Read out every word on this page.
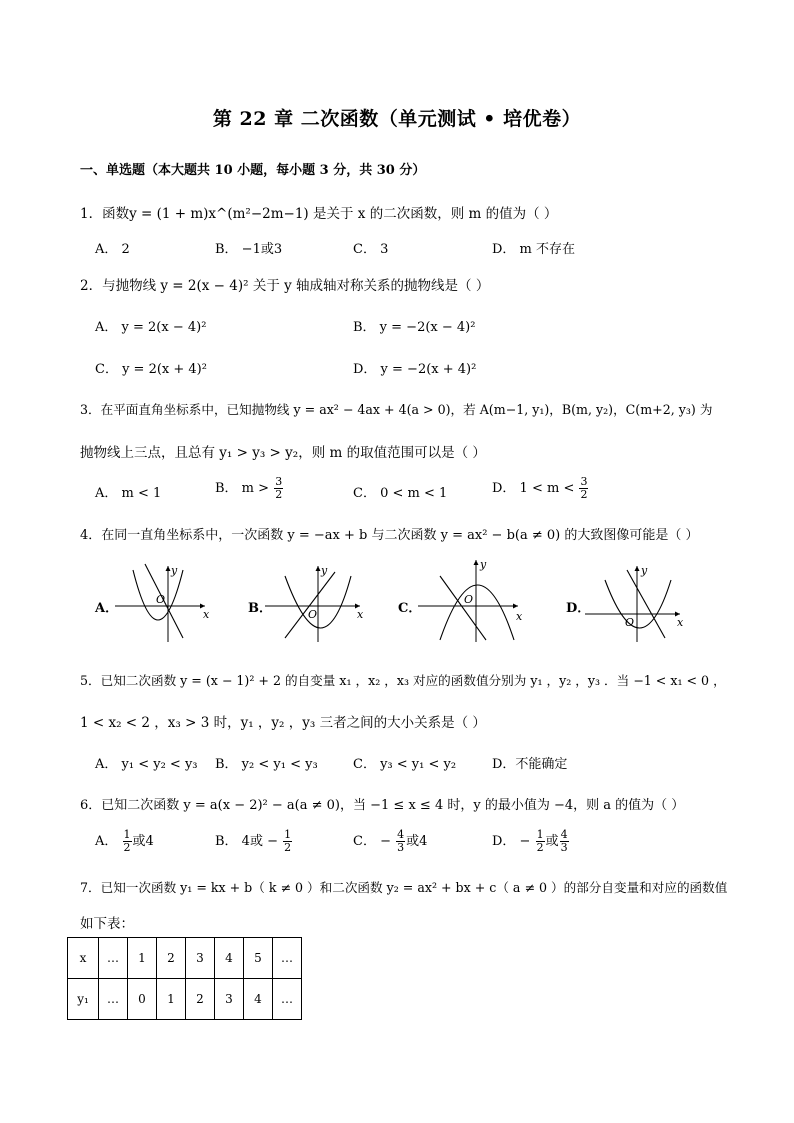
第 22 章 二次函数（单元测试 • 培优卷）
一、单选题（本大题共 10 小题，每小题 3 分，共 30 分）
1．函数y = (1 + m)x^(m²−2m−1) 是关于 x 的二次函数，则 m 的值为（ ）
A． 2	B． −1或3	C． 3	D． m 不存在
2．与抛物线 y = 2(x − 4)² 关于 y 轴成轴对称关系的抛物线是（ ）
A． y = 2(x − 4)²	B． y = −2(x − 4)²
C． y = 2(x + 4)²	D． y = −2(x + 4)²
3．在平面直角坐标系中，已知抛物线 y = ax² − 4ax + 4(a > 0)，若 A(m−1, y₁)，B(m, y₂)，C(m+2, y₃) 为
抛物线上三点，且总有 y₁ > y₃ > y₂，则 m 的取值范围可以是（ ）
A． m < 1	B． $m > \frac{3}{2}$	C． 0 < m < 1	D． $1 < m < \frac{3}{2}$
4．在同一直角坐标系中，一次函数 y = −ax + b 与二次函数 y = ax² − b(a ≠ 0) 的大致图像可能是（ ）
A．
y
x
O
B．
y
x
O	C．
y
x
O
D．
y
x
O
5．已知二次函数 y = (x − 1)² + 2 的自变量 x₁ ，x₂ ，x₃ 对应的函数值分别为 y₁ ，y₂ ，y₃ ．当 −1 < x₁ < 0 ，
1 < x₂ < 2 ，x₃ > 3 时，y₁ ，y₂ ，y₃ 三者之间的大小关系是（ ）
A． y₁ < y₂ < y₃ B． y₂ < y₁ < y₃	C． y₃ < y₁ < y₂	D．不能确定
6．已知二次函数 y = a(x − 2)² − a(a ≠ 0)，当 −1 ≤ x ≤ 4 时，y 的最小值为 −4，则 a 的值为（ ）
A． $\frac{1}{2}$ 或4	B． 4或 − $\frac{1}{2}$	C． − $\frac{4}{3}$ 或4	D． − $\frac{1}{2}$ 或 $\frac{4}{3}$
7．已知一次函数 y₁ = kx + b（ k ≠ 0 ）和二次函数 y₂ = ax² + bx + c（ a ≠ 0 ）的部分自变量和对应的函数值
如下表：
x	…	1	2	3	4	5	…
y₁	…	0	1	2	3	4	…
